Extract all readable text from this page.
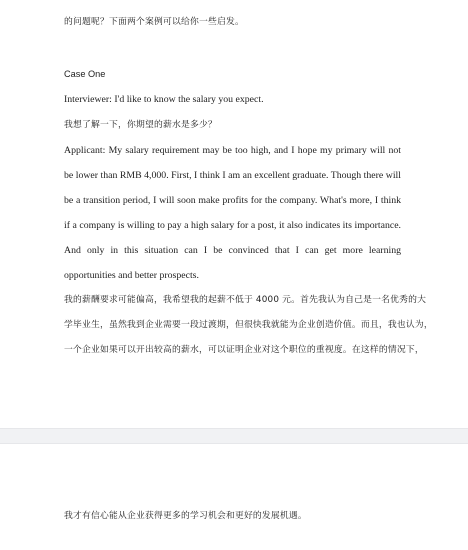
的问题呢？下面两个案例可以给你一些启发。
Case One
Interviewer: I'd like to know the salary you expect.
我想了解一下，你期望的薪水是多少？
Applicant: My salary requirement may be too high, and I hope my primary will not
be lower than RMB 4,000. First, I think I am an excellent graduate. Though there will
be a transition period, I will soon make profits for the company. What's more, I think
if a company is willing to pay a high salary for a post, it also indicates its importance.
And only in this situation can I be convinced that I can get more learning
opportunities and better prospects.
我的薪酬要求可能偏高，我希望我的起薪不低于 4000 元。首先我认为自己是一名优秀的大
学毕业生，虽然我到企业需要一段过渡期，但很快我就能为企业创造价值。而且，我也认为，
一个企业如果可以开出较高的薪水，可以证明企业对这个职位的重视度。在这样的情况下，
我才有信心能从企业获得更多的学习机会和更好的发展机遇。
